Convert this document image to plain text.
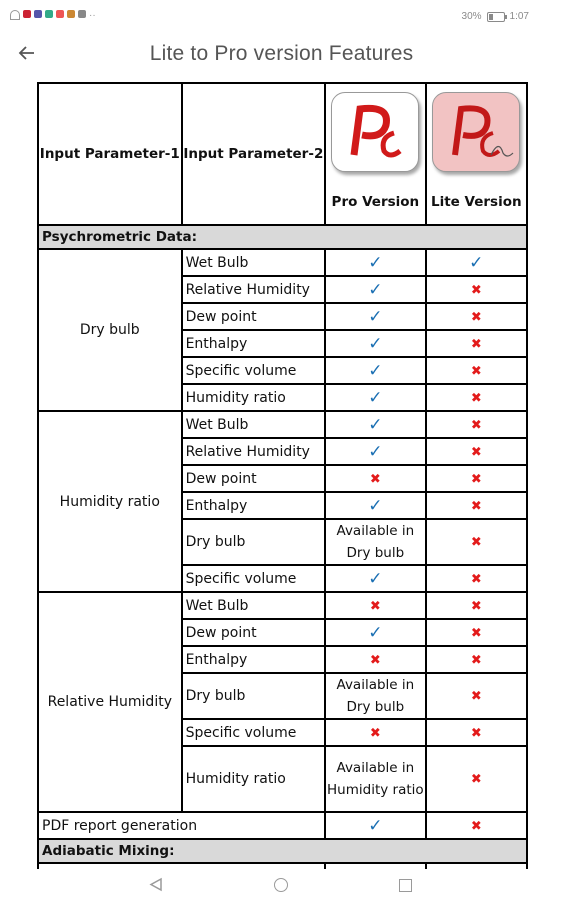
··	30%	1:07
Lite to Pro version Features
Input Parameter-1	Input Parameter-2	Pro Version	Lite Version

Psychrometric Data:			
Dry bulb	Wet Bulb	✓	✓
	Relative Humidity	✓	✖
	Dew point	✓	✖
	Enthalpy	✓	✖
	Specific volume	✓	✖
	Humidity ratio	✓	✖
Humidity ratio	Wet Bulb	✓	✖
	Relative Humidity	✓	✖
	Dew point	✖	✖
	Enthalpy	✓	✖
	Dry bulb	Available in Dry bulb	✖
	Specific volume	✓	✖
Relative Humidity	Wet Bulb	✖	✖
	Dew point	✓	✖
	Enthalpy	✖	✖
	Dry bulb	Available in Dry bulb	✖
	Specific volume	✖	✖
	Humidity ratio	Available in Humidity ratio	✖
PDF report generation		✓	✖
Adiabatic Mixing:			
